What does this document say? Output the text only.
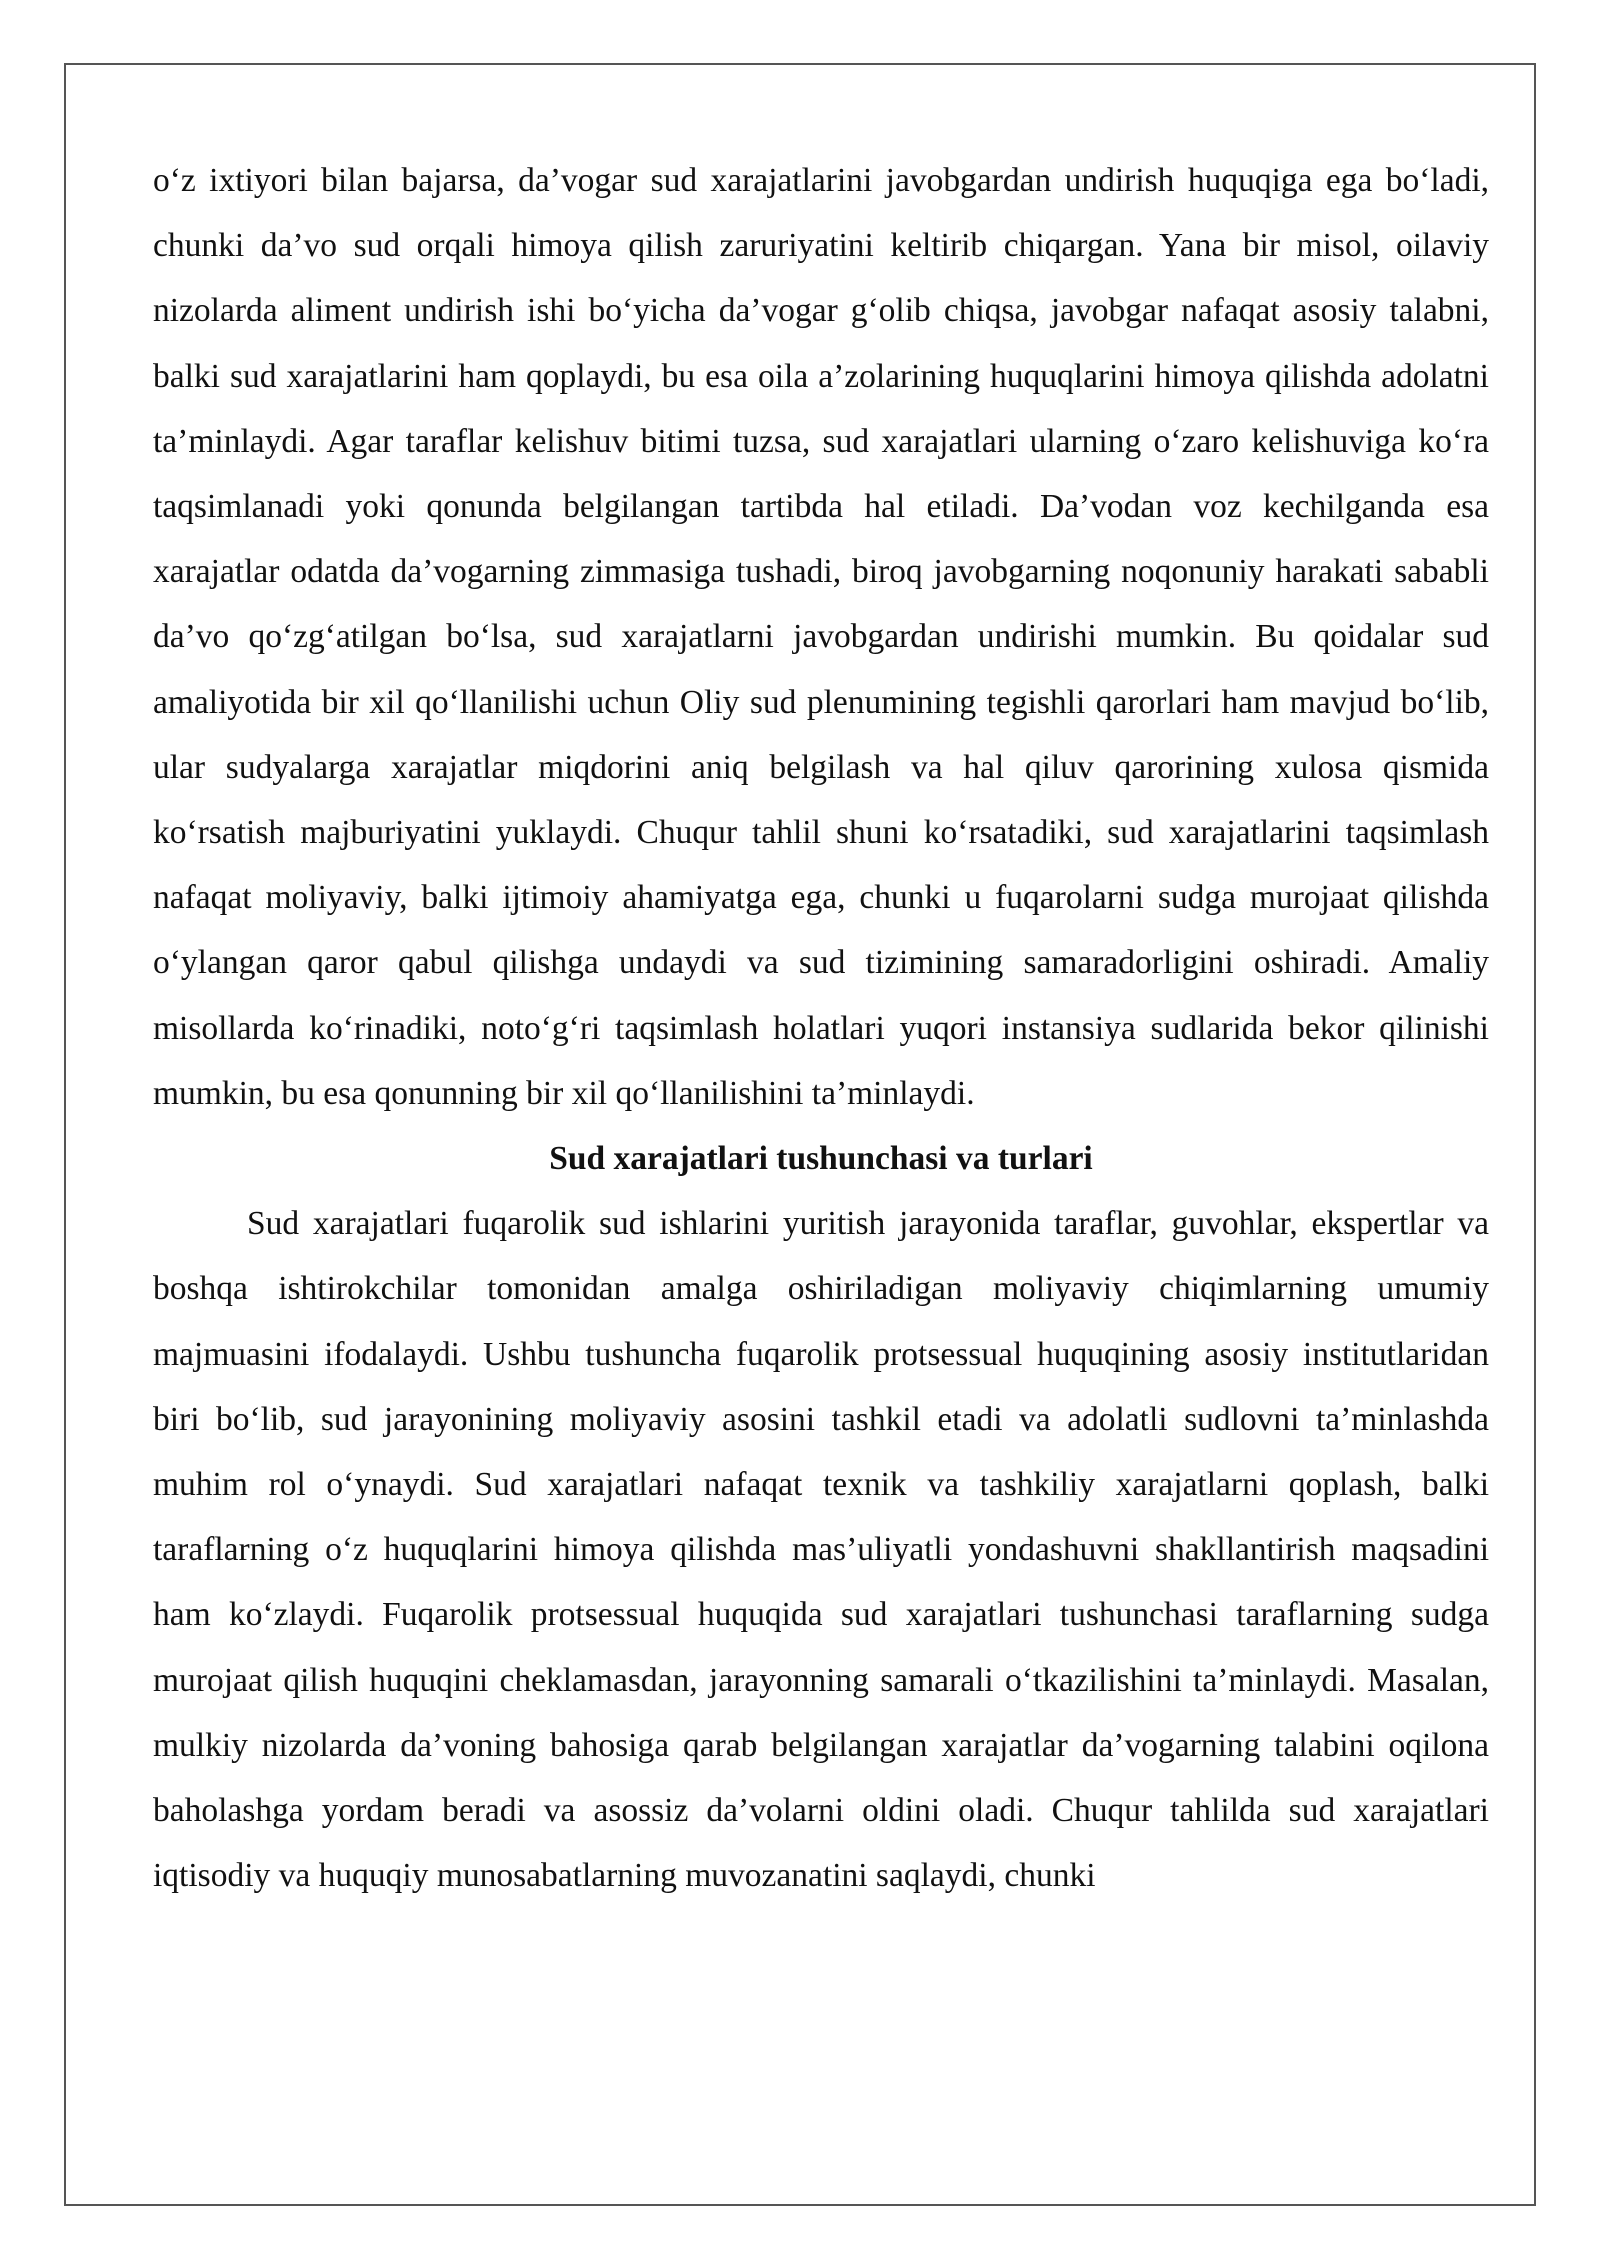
o‘z ixtiyori bilan bajarsa, da’vogar sud xarajatlarini javobgardan undirish huquqiga ega bo‘ladi, chunki da’vo sud orqali himoya qilish zaruriyatini keltirib chiqargan. Yana bir misol, oilaviy nizolarda aliment undirish ishi bo‘yicha da’vogar g‘olib chiqsa, javobgar nafaqat asosiy talabni, balki sud xarajatlarini ham qoplaydi, bu esa oila a’zolarining huquqlarini himoya qilishda adolatni ta’minlaydi. Agar taraflar kelishuv bitimi tuzsa, sud xarajatlari ularning o‘zaro kelishuviga ko‘ra taqsimlanadi yoki qonunda belgilangan tartibda hal etiladi. Da’vodan voz kechilganda esa xarajatlar odatda da’vogarning zimmasiga tushadi, biroq javobgarning noqonuniy harakati sababli da’vo qo‘zg‘atilgan bo‘lsa, sud xarajatlarni javobgardan undirishi mumkin. Bu qoidalar sud amaliyotida bir xil qo‘llanilishi uchun Oliy sud plenumining tegishli qarorlari ham mavjud bo‘lib, ular sudyalarga xarajatlar miqdorini aniq belgilash va hal qiluv qarorining xulosa qismida ko‘rsatish majburiyatini yuklaydi. Chuqur tahlil shuni ko‘rsatadiki, sud xarajatlarini taqsimlash nafaqat moliyaviy, balki ijtimoiy ahamiyatga ega, chunki u fuqarolarni sudga murojaat qilishda o‘ylangan qaror qabul qilishga undaydi va sud tizimining samaradorligini oshiradi. Amaliy misollarda ko‘rinadiki, noto‘g‘ri taqsimlash holatlari yuqori instansiya sudlarida bekor qilinishi mumkin, bu esa qonunning bir xil qo‘llanilishini ta’minlaydi.

Sud xarajatlari tushunchasi va turlari

Sud xarajatlari fuqarolik sud ishlarini yuritish jarayonida taraflar, guvohlar, ekspertlar va boshqa ishtirokchilar tomonidan amalga oshiriladigan moliyaviy chiqimlarning umumiy majmuasini ifodalaydi. Ushbu tushuncha fuqarolik protsessual huquqining asosiy institutlaridan biri bo‘lib, sud jarayonining moliyaviy asosini tashkil etadi va adolatli sudlovni ta’minlashda muhim rol o‘ynaydi. Sud xarajatlari nafaqat texnik va tashkiliy xarajatlarni qoplash, balki taraflarning o‘z huquqlarini himoya qilishda mas’uliyatli yondashuvni shakllantirish maqsadini ham ko‘zlaydi. Fuqarolik protsessual huquqida sud xarajatlari tushunchasi taraflarning sudga murojaat qilish huquqini cheklamasdan, jarayonning samarali o‘tkazilishini ta’minlaydi. Masalan, mulkiy nizolarda da’voning bahosiga qarab belgilangan xarajatlar da’vogarning talabini oqilona baholashga yordam beradi va asossiz da’volarni oldini oladi. Chuqur tahlilda sud xarajatlari iqtisodiy va huquqiy munosabatlarning muvozanatini saqlaydi, chunki
